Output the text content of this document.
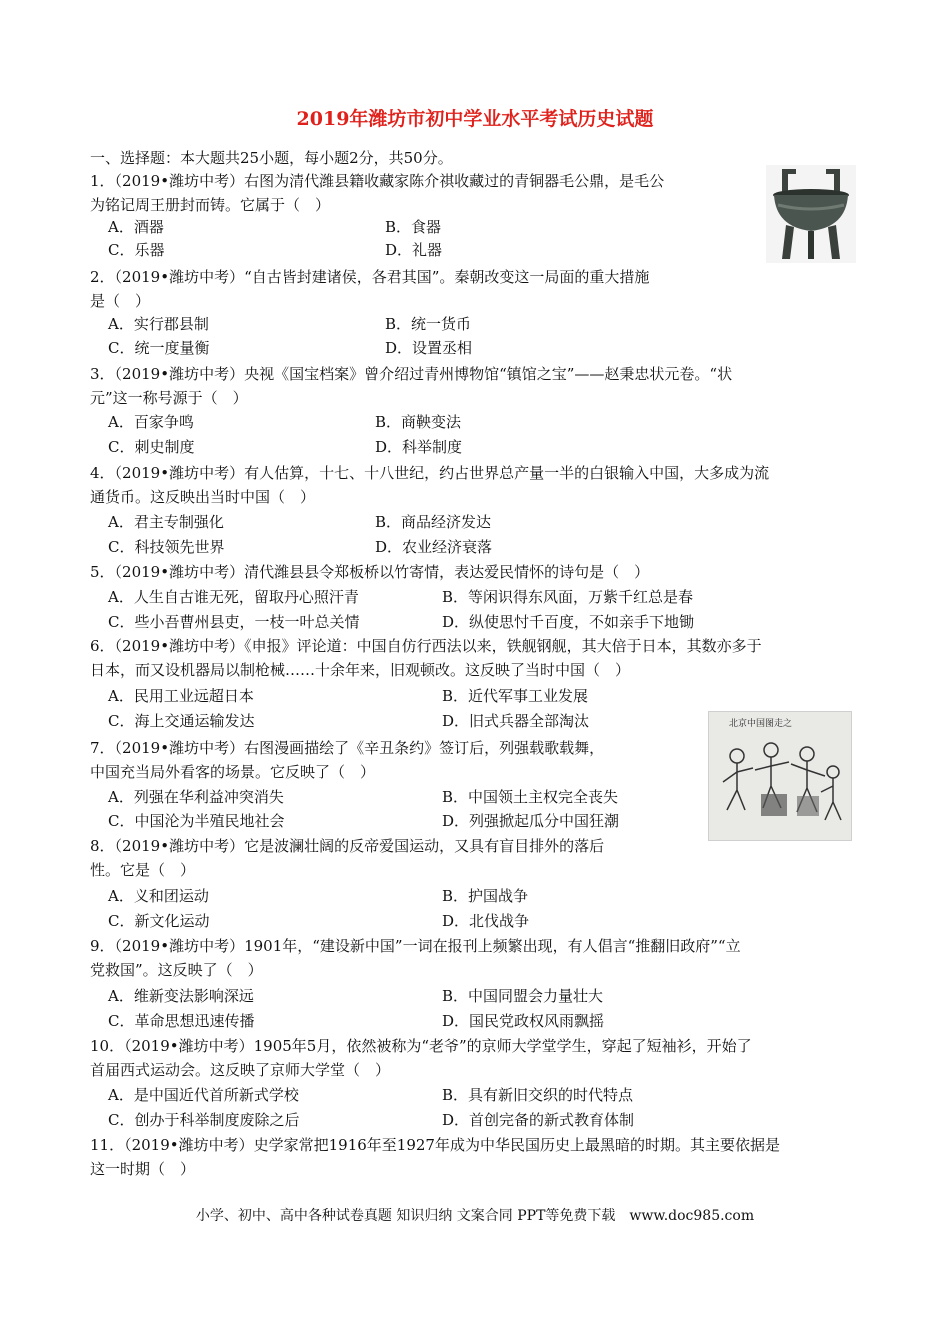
2019年潍坊市初中学业水平考试历史试题
一、选择题：本大题共25小题，每小题2分，共50分。
1．（2019•潍坊中考）右图为清代潍县籍收藏家陈介祺收藏过的青铜器毛公鼎，是毛公
为铭记周王册封而铸。它属于（　）
A．酒器	B．食器
C．乐器	D．礼器
2．（2019•潍坊中考）“自古皆封建诸侯，各君其国”。秦朝改变这一局面的重大措施
是（　）
A．实行郡县制	B．统一货币
C．统一度量衡	D．设置丞相
3．（2019•潍坊中考）央视《国宝档案》曾介绍过青州博物馆“镇馆之宝”——赵秉忠状元卷。“状
元”这一称号源于（　）
A．百家争鸣	B．商鞅变法
C．刺史制度	D．科举制度
4．（2019•潍坊中考）有人估算，十七、十八世纪，约占世界总产量一半的白银输入中国，大多成为流
通货币。这反映出当时中国（　）
A．君主专制强化	B．商品经济发达
C．科技领先世界	D．农业经济衰落
5．（2019•潍坊中考）清代潍县县令郑板桥以竹寄情，表达爱民情怀的诗句是（　）
A．人生自古谁无死，留取丹心照汗青	B．等闲识得东风面，万紫千红总是春
C．些小吾曹州县吏，一枝一叶总关情	D．纵使思忖千百度，不如亲手下地锄
6．（2019•潍坊中考）《申报》评论道：中国自仿行西法以来，铁舰钢舰，其大倍于日本，其数亦多于
日本，而又设机器局以制枪械……十余年来，旧观顿改。这反映了当时中国（　）
A．民用工业远超日本	B．近代军事工业发展
C．海上交通运输发达	D．旧式兵器全部淘汰	北京中国图走之
7．（2019•潍坊中考）右图漫画描绘了《辛丑条约》签订后，列强载歌载舞，
中国充当局外看客的场景。它反映了（　）
A．列强在华利益冲突消失	B．中国领土主权完全丧失
C．中国沦为半殖民地社会	D．列强掀起瓜分中国狂潮
8．（2019•潍坊中考）它是波澜壮阔的反帝爱国运动，又具有盲目排外的落后
性。它是（　）
A．义和团运动	B．护国战争
C．新文化运动	D．北伐战争
9．（2019•潍坊中考）1901年，“建设新中国”一词在报刊上频繁出现，有人倡言“推翻旧政府”“立
党救国”。这反映了（　）
A．维新变法影响深远	B．中国同盟会力量壮大
C．革命思想迅速传播	D．国民党政权风雨飘摇
10．（2019•潍坊中考）1905年5月，依然被称为“老爷”的京师大学堂学生，穿起了短袖衫，开始了
首届西式运动会。这反映了京师大学堂（　）
A．是中国近代首所新式学校	B．具有新旧交织的时代特点
C．创办于科举制度废除之后	D．首创完备的新式教育体制
11．（2019•潍坊中考）史学家常把1916年至1927年成为中华民国历史上最黑暗的时期。其主要依据是
这一时期（　）
小学、初中、高中各种试卷真题 知识归纳 文案合同 PPT等免费下载　www.doc985.com
